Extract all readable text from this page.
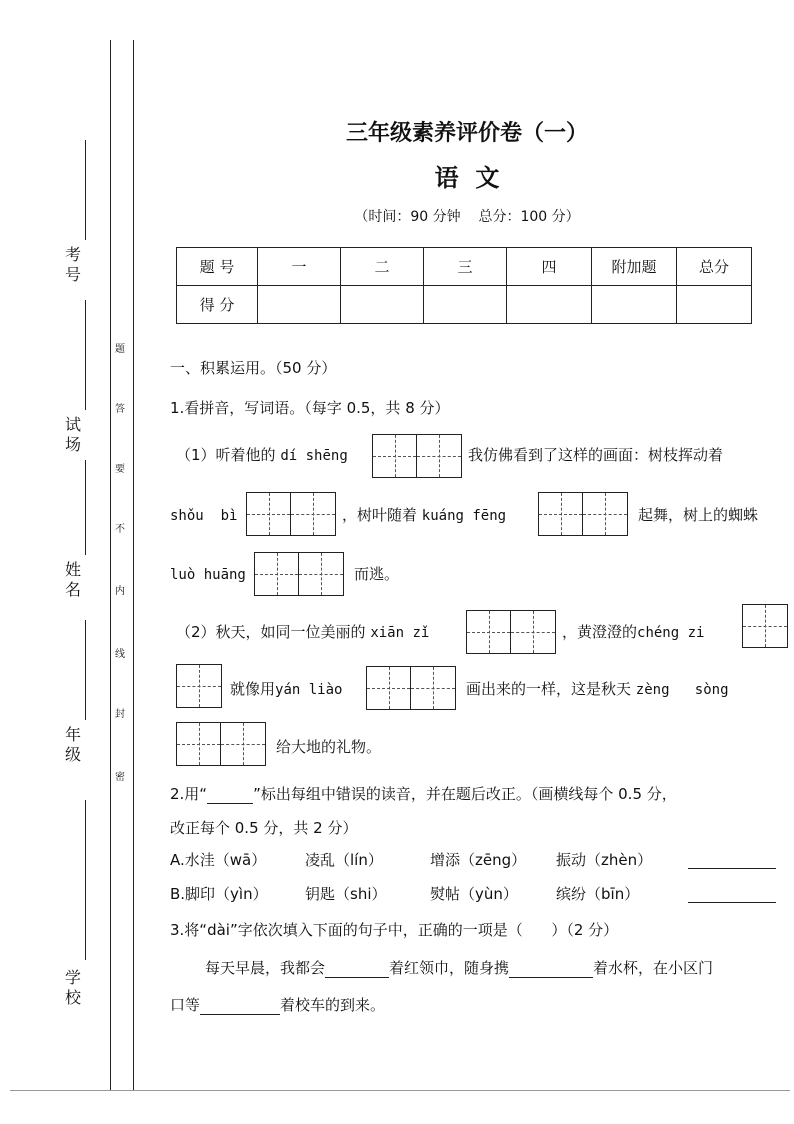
考号
试场
姓名
年级
学校
题
答
要
不
内
线
封
密
三年级素养评价卷（一）
语  文
（时间：90 分钟    总分：100 分）
题 号	一	二	三	四	附加题	总分
得 分						
一、积累运用。（50 分）
1.看拼音，写词语。（每字 0.5，共 8 分）
（1）听着他的 dí shēng	我仿佛看到了这样的画面：树枝挥动着
shǒu  bì	，树叶随着 kuáng fēng	起舞，树上的蜘蛛
luò huāng	而逃。
（2）秋天，如同一位美丽的 xiān zǐ	，黄澄澄的chéng zi
就像用yán liào	画出来的一样，这是秋天 zèng   sòng
给大地的礼物。
2.用“	”标出每组中错误的读音，并在题后改正。（画横线每个 0.5 分，
改正每个 0.5 分，共 2 分）
A.水洼（wā）	凌乱（lín）	增添（zēng） 振动（zhèn）
B.脚印（yìn） 钥匙（shi）	熨帖（yùn）	缤纷（bīn）
3.将“dài”字依次填入下面的句子中，正确的一项是（      ）（2 分）
每天早晨，我都会	着红领巾，随身携	着水杯，在小区门
口等	着校车的到来。
